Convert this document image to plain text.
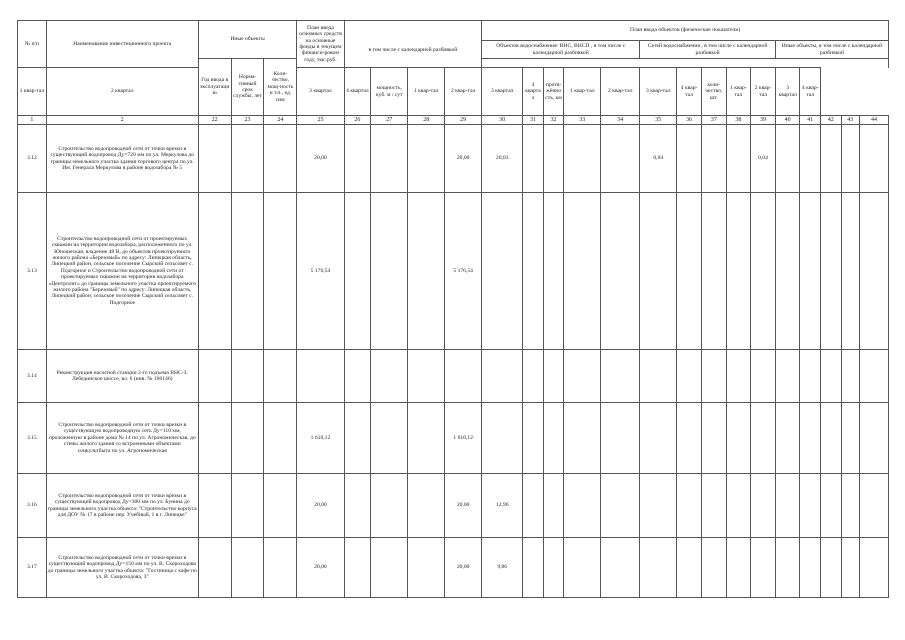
№ п/п	Наименование инвестиционного проекта	Иные объекты			План ввода основных средств на основные фонды в текущем финанси-ровом году, тыс.руб.	в том числе с календарной разбивкой				План ввода объектов (физические показатели)														
										Объектов водоснабжения: ВНС, ВНСП , в том числе с календарной разбивкой					Сетей водоснабжения , в том числе с календарной разбивкой					Иные объекты, в том числе с календарной разбивкой				
		Год ввода в эксплуатацию	Норма-тивный срок службы, лет	Коли-чество, мощ-ность и т.п., ед. изм																				
1 квар-тал	2 квартал				3 квартал	4 квартал	мощность, куб. м / сут	1 квар-тал	2 квар-тал	3 квартал	4 квартал	протя-жённость, км	1 квар-тал	2 квар-тал	3 квар-тал	4 квар-тал	коли-чество, шт.	1 квар-тал	2 квар-тал	3 квартал	4 квар-тал			
1	2	22	23	24	25	26	27	28	29	30	31	32	33	34	35	36	37	38	39	40	41	42	43	44
3.12	Строительство водопроводной сети от точки врезки в существующий водопровод Ду=720 мм по ул. Меркулова до границы земельного участка здания торгового центра по ул. Им. Генерала Меркулова в районе водозабора № 5				20,00				20,00	20,03					0,04				0,04					
3.13	Строительство водопроводной сети от проектируемых скважин на территории водозабора, расположенного по ул. Юношеская, владение 48 В, до объектов проектируемого жилого района «Березовый» по адресу: Липецкая область, Липецкий район, сельское поселение Сырский сельсовет с. Подгорное и Строительство водопроводной сети от проектируемых скважин на территории водозабора «Центролит» до границы земельного участка проектируемого жилого района "Березовый" по адресу: Липецкая область, Липецкий район, сельское поселение Сырский сельсовет с. Подгорное				5 176,54				5 176,54															
3.14	Реконструкция насосной станции 2-го подъема ВНС-3. Лебединское шоссе, вл. 6 (инв. № 100146)																							
3.15	Строительство водопроводной сети от точки врезки в существующую водопроводную сеть Ду=110 мм, проложенную в районе дома № 14 по ул. Агрономическая, до стены жилого здания со встроенными объектами соцкультбыта по ул. Агрономическая				1 610,12				1 610,12															
3.16	Строительство водопроводной сети от точки врезки в существующий водопровод Ду=300 мм по ул. Бунина до границы земельного участка объекта: "Строительство корпуса для ДОУ № 17 в районе пер. Учебный, 1 в г. Липецке"				20,00				20,00	12,96														
3.17	Строительство водопроводной сети от точки врезки в существующий водопровод Ду=150 мм по ул. В. Скороходова до границы земельного участка объекта: "Гостиница с кафе по ул. В. Скороходова, 3"				20,00				20,00	9,86														
